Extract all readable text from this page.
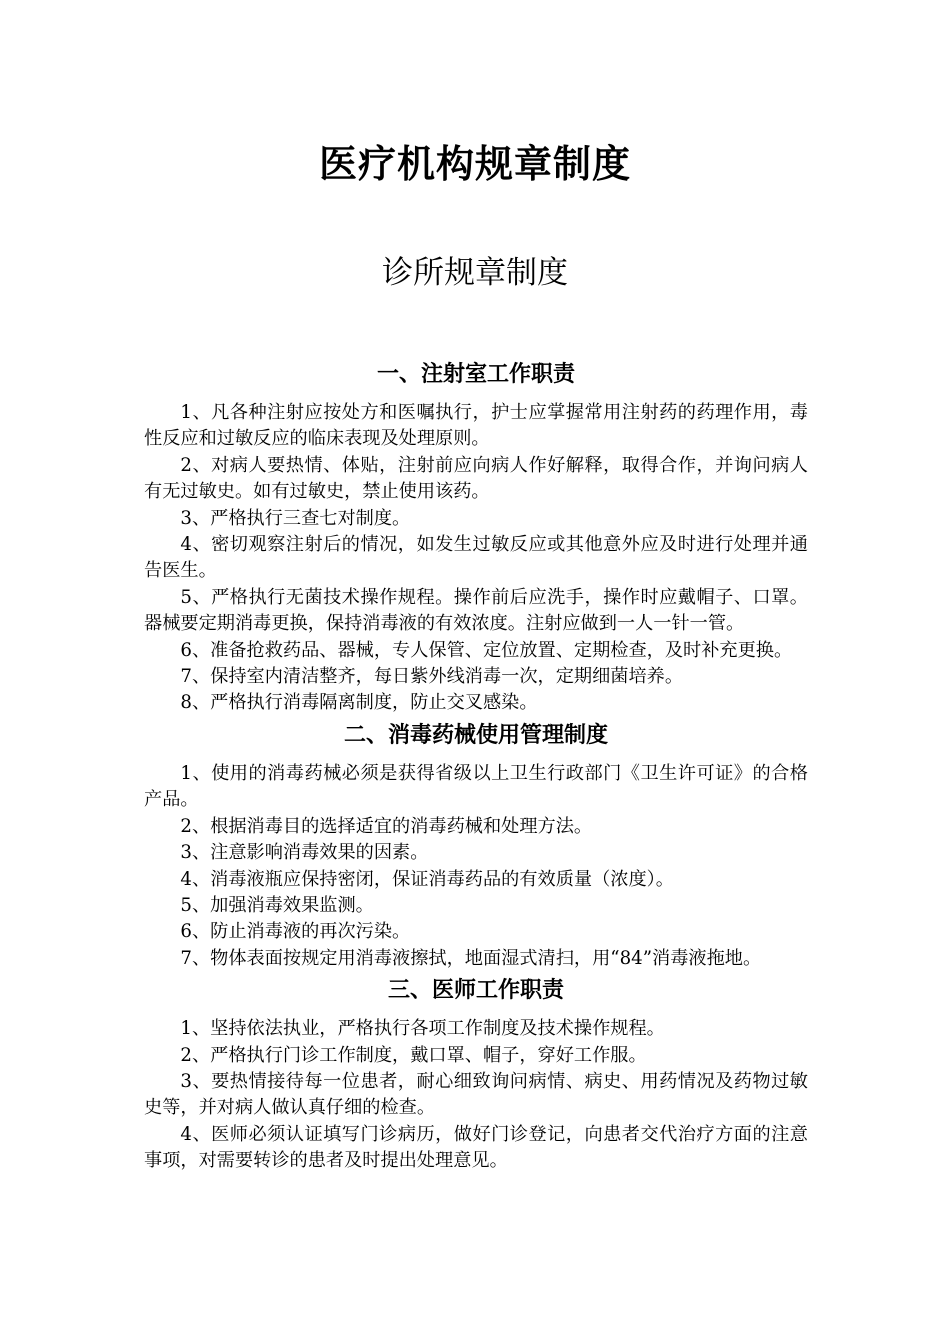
医疗机构规章制度
诊所规章制度
一、注射室工作职责

1、凡各种注射应按处方和医嘱执行，护士应掌握常用注射药的药理作用，毒性反应和过敏反应的临床表现及处理原则。

2、对病人要热情、体贴，注射前应向病人作好解释，取得合作，并询问病人有无过敏史。如有过敏史，禁止使用该药。

3、严格执行三查七对制度。

4、密切观察注射后的情况，如发生过敏反应或其他意外应及时进行处理并通告医生。

5、严格执行无菌技术操作规程。操作前后应洗手，操作时应戴帽子、口罩。器械要定期消毒更换，保持消毒液的有效浓度。注射应做到一人一针一管。

6、准备抢救药品、器械，专人保管、定位放置、定期检查，及时补充更换。

7、保持室内清洁整齐，每日紫外线消毒一次，定期细菌培养。

8、严格执行消毒隔离制度，防止交叉感染。

二、消毒药械使用管理制度

1、使用的消毒药械必须是获得省级以上卫生行政部门《卫生许可证》的合格产品。

2、根据消毒目的选择适宜的消毒药械和处理方法。

3、注意影响消毒效果的因素。

4、消毒液瓶应保持密闭，保证消毒药品的有效质量（浓度）。

5、加强消毒效果监测。

6、防止消毒液的再次污染。

7、物体表面按规定用消毒液擦拭，地面湿式清扫，用“84”消毒液拖地。

三、医师工作职责

1、坚持依法执业，严格执行各项工作制度及技术操作规程。

2、严格执行门诊工作制度，戴口罩、帽子，穿好工作服。

3、要热情接待每一位患者，耐心细致询问病情、病史、用药情况及药物过敏史等，并对病人做认真仔细的检查。

4、医师必须认证填写门诊病历，做好门诊登记，向患者交代治疗方面的注意事项，对需要转诊的患者及时提出处理意见。
